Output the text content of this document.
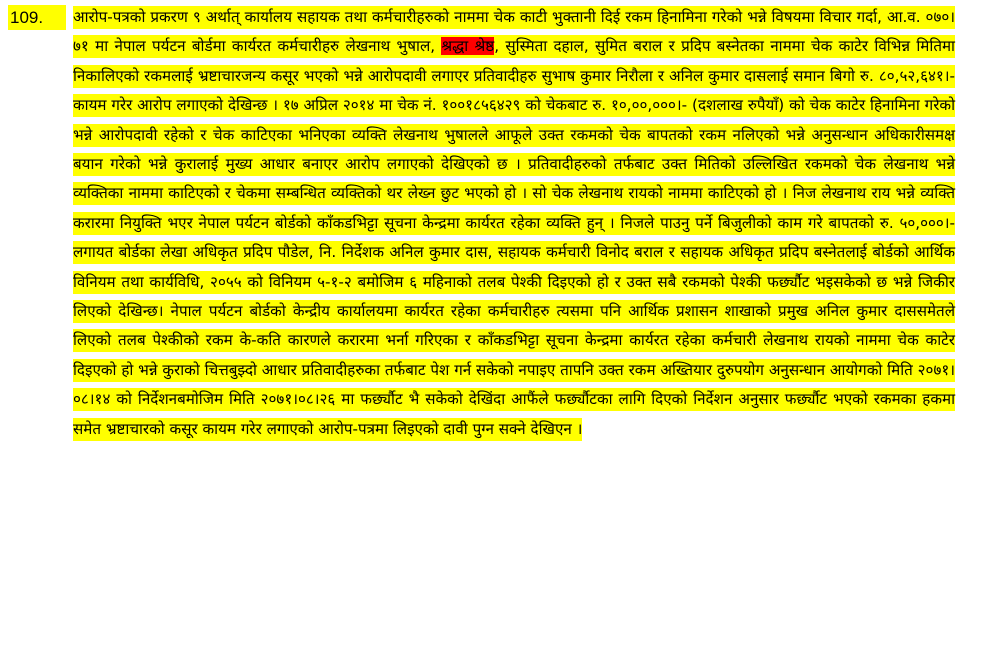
109.	आरोप-पत्रको प्रकरण ९ अर्थात् कार्यालय सहायक तथा कर्मचारीहरुको नाममा चेक काटी भुक्तानी दिई रकम हिनामिना गरेको भन्ने विषयमा विचार गर्दा, आ.व. ०७०।७१ मा नेपाल पर्यटन बोर्डमा कार्यरत कर्मचारीहरु लेखनाथ भुषाल, श्रद्धा श्रेष्ठ, सुस्मिता दहाल, सुमित बराल र प्रदिप बस्नेतका नाममा चेक काटेर विभिन्न मितिमा निकालिएको रकमलाई भ्रष्टाचारजन्य कसूर भएको भन्ने आरोपदावी लगाएर प्रतिवादीहरु सुभाष कुमार निरौला र अनिल कुमार दासलाई समान बिगो रु. ८०,५२,६४१।- कायम गरेर आरोप लगाएको देखिन्छ । १७ अप्रिल २०१४ मा चेक नं. १००१८५६४२९ को चेकबाट रु. १०,००,०००।- (दशलाख रुपैयाँ) को चेक काटेर हिनामिना गरेको भन्ने आरोपदावी रहेको र चेक काटिएका भनिएका व्यक्ति लेखनाथ भुषालले आफूले उक्त रकमको चेक बापतको रकम नलिएको भन्ने अनुसन्धान अधिकारीसमक्ष बयान गरेको भन्ने कुरालाई मुख्य आधार बनाएर आरोप लगाएको देखिएको छ । प्रतिवादीहरुको तर्फबाट उक्त मितिको उल्लिखित रकमको चेक लेखनाथ भन्ने व्यक्तिका नाममा काटिएको र चेकमा सम्बन्धित व्यक्तिको थर लेख्न छुट भएको हो । सो चेक लेखनाथ रायको नाममा काटिएको हो । निज लेखनाथ राय भन्ने व्यक्ति करारमा नियुक्ति भएर नेपाल पर्यटन बोर्डको काँकडभिट्टा सूचना केन्द्रमा कार्यरत रहेका व्यक्ति हुन् । निजले पाउनु पर्ने बिजुलीको काम गरे बापतको रु. ५०,०००।- लगायत बोर्डका लेखा अधिकृत प्रदिप पौडेल, नि. निर्देशक अनिल कुमार दास, सहायक कर्मचारी विनोद बराल र सहायक अधिकृत प्रदिप बस्नेतलाई बोर्डको आर्थिक विनियम तथा कार्यविधि, २०५५ को विनियम ५-१-२ बमोजिम ६ महिनाको तलब पेश्की दिइएको हो र उक्त सबै रकमको पेश्की फर्छ्यौट भइसकेको छ भन्ने जिकीर लिएको देखिन्छ। नेपाल पर्यटन बोर्डको केन्द्रीय कार्यालयमा कार्यरत रहेका कर्मचारीहरु त्यसमा पनि आर्थिक प्रशासन शाखाको प्रमुख अनिल कुमार दाससमेतले लिएको तलब पेश्कीको रकम के-कति कारणले करारमा भर्ना गरिएका र काँकडभिट्टा सूचना केन्द्रमा कार्यरत रहेका कर्मचारी लेखनाथ रायको नाममा चेक काटेर दिइएको हो भन्ने कुराको चित्तबुझ्दो आधार प्रतिवादीहरुका तर्फबाट पेश गर्न सकेको नपाइए तापनि उक्त रकम अख्तियार दुरुपयोग अनुसन्धान आयोगको मिति २०७१।०८।१४ को निर्देशनबमोजिम मिति २०७१।०८।२६ मा फर्छ्यौट भै सकेको देखिंदा आफैंले फर्छ्यौटका लागि दिएको निर्देशन अनुसार फर्छ्यौट भएको रकमका हकमा समेत भ्रष्टाचारको कसूर कायम गरेर लगाएको आरोप-पत्रमा लिइएको दावी पुग्न सक्ने देखिएन ।
